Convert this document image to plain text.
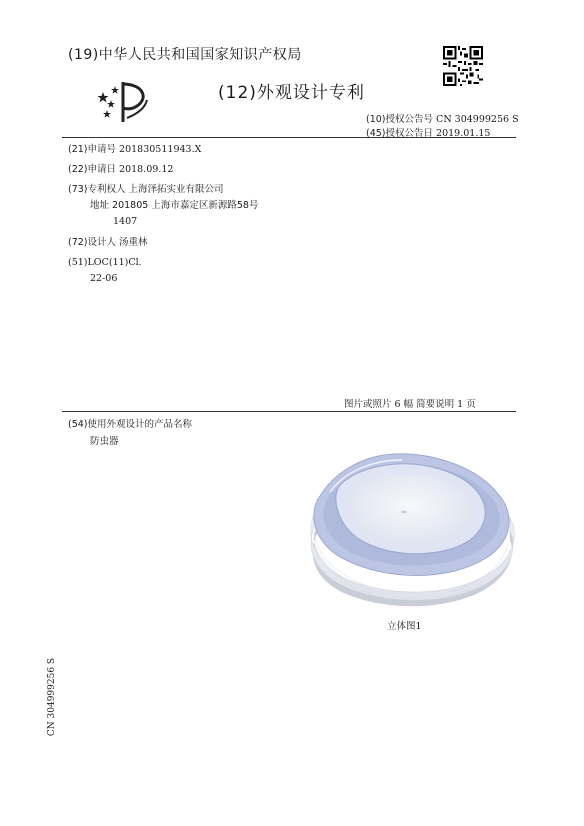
(19)中华人民共和国国家知识产权局
(12)外观设计专利
(10)授权公告号 CN 304999256 S
(45)授权公告日 2019.01.15
(21)申请号 201830511943.X
(22)申请日 2018.09.12
(73)专利权人 上海泽拓实业有限公司
地址 201805 上海市嘉定区新源路58号
1407
(72)设计人 汤重林
(51)LOC(11)Cl.
22-06
图片或照片 6 幅 简要说明 1 页
(54)使用外观设计的产品名称
防虫器
立体图1
CN 304999256 S
